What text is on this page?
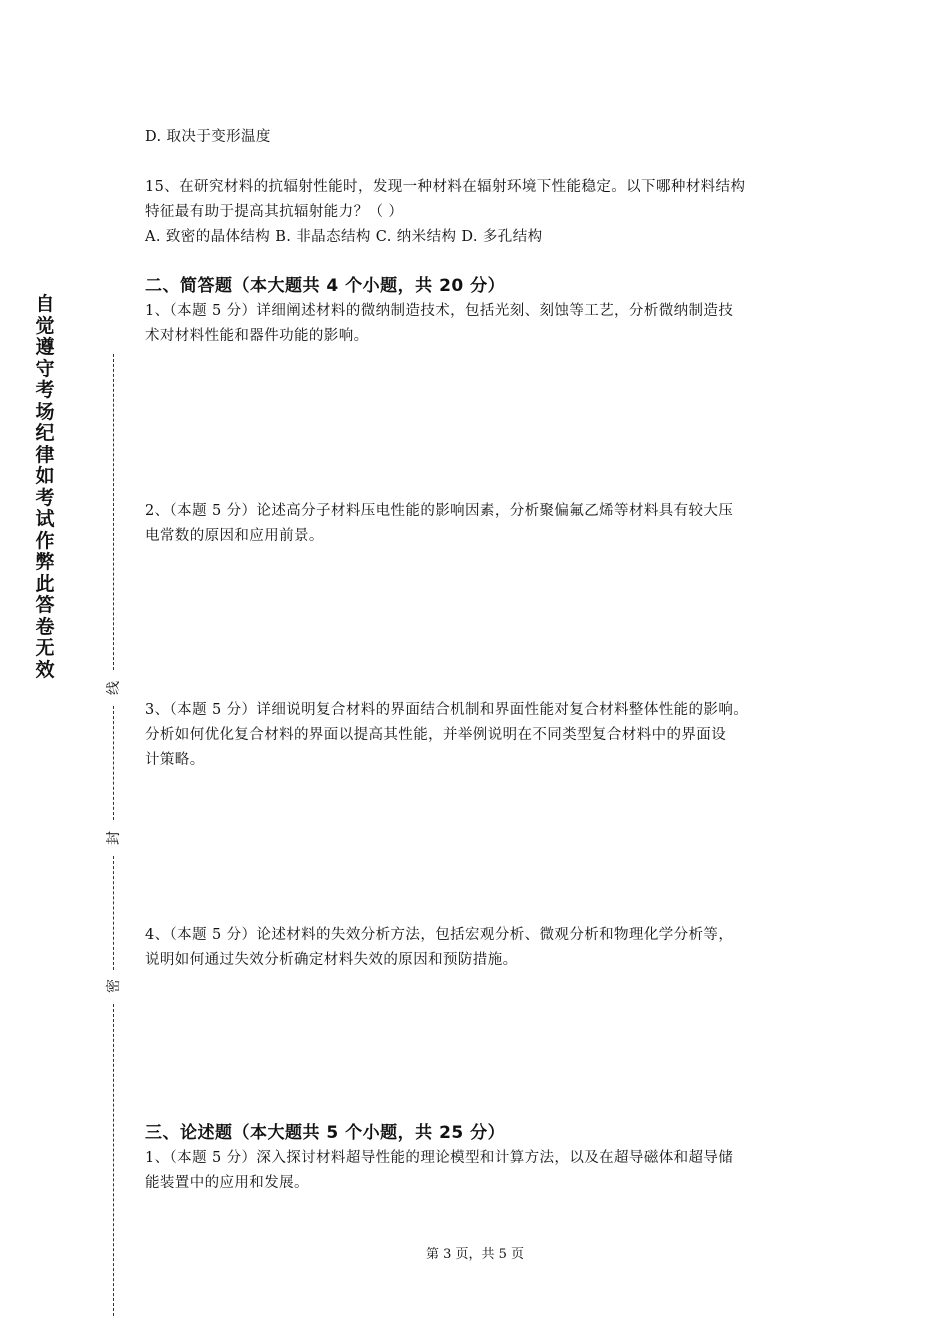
自觉遵守考场纪律如考试作弊此答卷无效
线
封
密
D. 取决于变形温度
15、在研究材料的抗辐射性能时，发现一种材料在辐射环境下性能稳定。以下哪种材料结构
特征最有助于提高其抗辐射能力？（ ）
A. 致密的晶体结构 B. 非晶态结构 C. 纳米结构 D. 多孔结构
二、简答题（本大题共 4 个小题，共 20 分）
1、（本题 5 分）详细阐述材料的微纳制造技术，包括光刻、刻蚀等工艺，分析微纳制造技
术对材料性能和器件功能的影响。
2、（本题 5 分）论述高分子材料压电性能的影响因素，分析聚偏氟乙烯等材料具有较大压
电常数的原因和应用前景。
3、（本题 5 分）详细说明复合材料的界面结合机制和界面性能对复合材料整体性能的影响。
分析如何优化复合材料的界面以提高其性能，并举例说明在不同类型复合材料中的界面设
计策略。
4、（本题 5 分）论述材料的失效分析方法，包括宏观分析、微观分析和物理化学分析等，
说明如何通过失效分析确定材料失效的原因和预防措施。
三、论述题（本大题共 5 个小题，共 25 分）
1、（本题 5 分）深入探讨材料超导性能的理论模型和计算方法，以及在超导磁体和超导储
能装置中的应用和发展。
第 3 页，共 5 页
